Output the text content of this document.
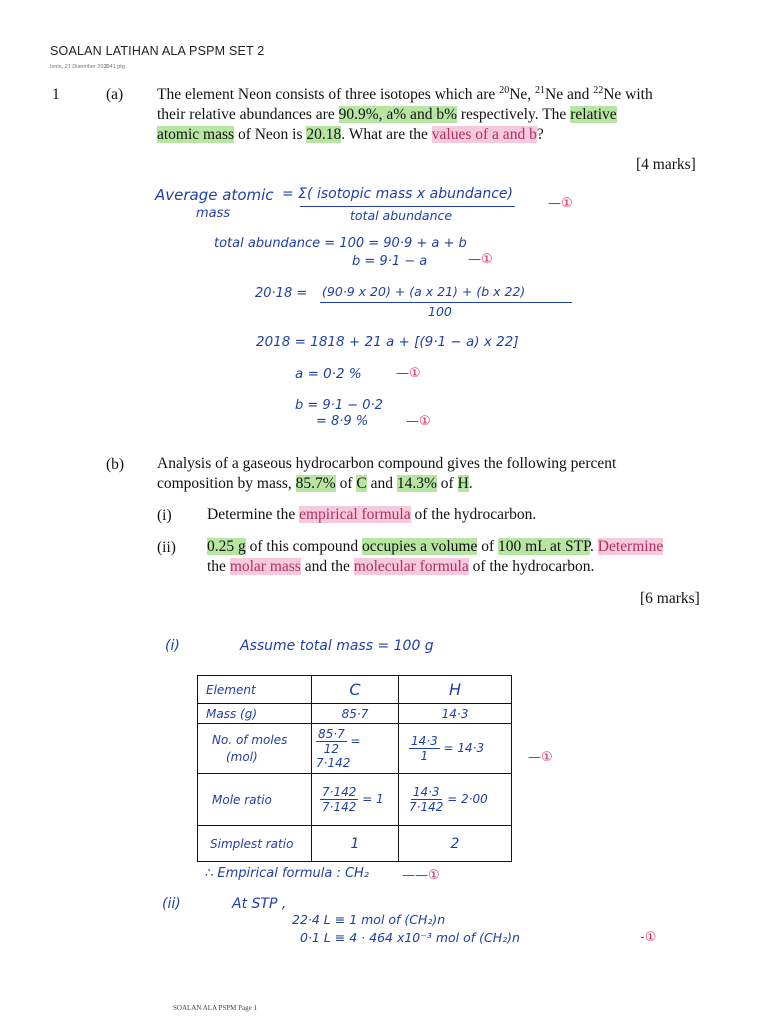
SOALAN LATIHAN ALA PSPM SET 2
Isnin, 21 Disember 2020
2:41 ptg
1	(a) The element Neon consists of three isotopes which are $^{20}$Ne, $^{21}$Ne and $^{22}$Ne with
their relative abundances are 90.9%, a% and b% respectively. The relative
atomic mass of Neon is 20.18. What are the values of a and b?
[4 marks]
Average atomic
mass
= Σ( isotopic mass x abundance)
total abundance
—①
total abundance = 100 = 90·9 + a + b
b = 9·1 − a	—①
20·18 = (90·9 x 20) + (a x 21) + (b x 22)
100
2018 = 1818 + 21 a + [(9·1 − a) x 22]
a = 0·2 %	—①
b = 9·1 − 0·2
= 8·9 %	—①
(b) Analysis of a gaseous hydrocarbon compound gives the following percent
composition by mass, 85.7% of C and 14.3% of H.
(i) Determine the empirical formula of the hydrocarbon.
(ii) 0.25 g of this compound occupies a volume of 100 mL at STP. Determine
the molar mass and the molecular formula of the hydrocarbon.
[6 marks]
(i)	Assume total mass = 100 g
Element	C	H
Mass (g)	85·7	14·3
No. of moles
(mol)	$\frac{85\cdot 7}{12} = 7\cdot 142$	$\frac{14\cdot 3}{1} = 14\cdot 3$
Mole ratio	$\frac{7\cdot 142}{7\cdot 142} = 1$	$\frac{14\cdot 3}{7\cdot 142} = 2\cdot 00$
Simplest ratio	1	2
—①
∴ Empirical formula : CH₂	——①
(ii)	At STP ,
22·4 L ≡ 1 mol of (CH₂)n
0·1 L ≡ 4 · 464 x10⁻³ mol of (CH₂)n	-①
SOALAN ALA PSPM Page 1
